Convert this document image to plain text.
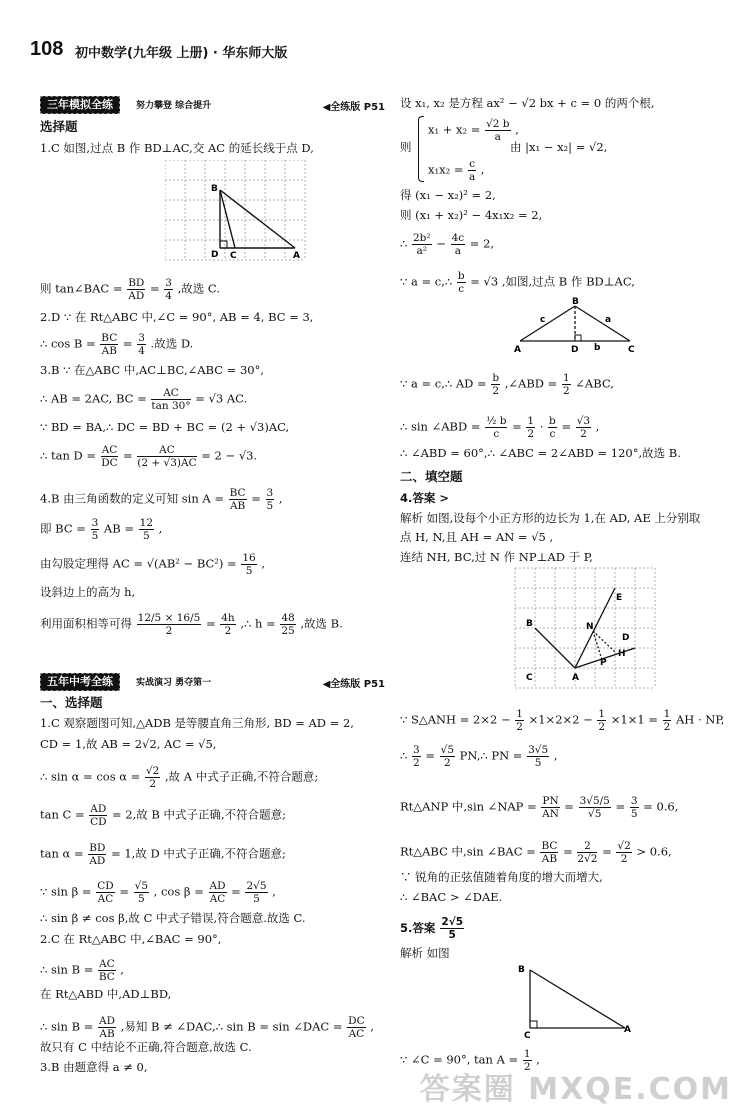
108 初中数学(九年级 上册) · 华东师大版
三年模拟全练	努力攀登 综合提升	◀全练版 P51
选择题
1.C 如图,过点 B 作 BD⊥AC,交 AC 的延长线于点 D,
B
D C	A
则 tan∠BAC = $\frac{BD}{AD} = \frac{3}{4}$ ,故选 C.
2.D ∵ 在 Rt△ABC 中,∠C = 90°, AB = 4, BC = 3,
∴ $\cos B = \frac{BC}{AB} = \frac{3}{4}$ .故选 D.
3.B ∵ 在△ABC 中,AC⊥BC,∠ABC = 30°,
∴ AB = 2AC, BC = $\frac{AC}{\tan 30^\circ} = √3$ AC.
∵ BD = BA,∴ DC = BD + BC = (2 + √3)AC,
∴ $\tan D = \frac{AC}{DC} = \frac{AC}{(2 + √3)AC} = 2 - √3$.
4.B 由三角函数的定义可知 $\sin A = \frac{BC}{AB} = \frac{3}{5}$ ,
即 BC = $\frac{3}{5}$ AB = $\frac{12}{5}$ ,
由勾股定理得 AC = $√(AB^2 - BC^2) = \frac{16}{5}$ ,
设斜边上的高为 h,
利用面积相等可得 $\frac{12/5 \times 16/5}{2} = \frac{4h}{2}$ ,∴ $h = \frac{48}{25}$ ,故选 B.
五年中考全练	实战演习 勇夺第一	◀全练版 P51
一、选择题
1.C 观察题图可知,△ADB 是等腰直角三角形, BD = AD = 2,
CD = 1,故 AB = 2√2, AC = √5,
∴ $\sin \alpha = \cos \alpha = \frac{√2}{2}$ ,故 A 中式子正确,不符合题意;
$\tan C = \frac{AD}{CD} = 2$,故 B 中式子正确,不符合题意;
$\tan \alpha = \frac{BD}{AD} = 1$,故 D 中式子正确,不符合题意;
∵ $\sin \beta = \frac{CD}{AC} = \frac{√5}{5}$ , $\cos \beta = \frac{AD}{AC} = \frac{2√5}{5}$ ,
∴ sin β ≠ cos β,故 C 中式子错误,符合题意.故选 C.
2.C 在 Rt△ABC 中,∠BAC = 90°,
∴ $\sin B = \frac{AC}{BC}$ ,
在 Rt△ABD 中,AD⊥BD,
∴ $\sin B = \frac{AD}{AB}$ ,易知 B ≠ ∠DAC,∴ sin B = sin ∠DAC = $\frac{DC}{AC}$ ,
故只有 C 中结论不正确,符合题意,故选 C.
3.B 由题意得 a ≠ 0,
设 x₁, x₂ 是方程 ax² − √2 bx + c = 0 的两个根,
$x_1 + x_2 = \frac{√2 b}{a}$ ,
则	由 |x₁ − x₂| = √2,
$x_1x_2 = \frac{c}{a}$ ,
得 (x₁ − x₂)² = 2,
则 (x₁ + x₂)² − 4x₁x₂ = 2,
∴ $\frac{\text{2b²}}{\text{a²}} - \frac{4c}{a} = 2$,
∵ a = c,∴ $\frac{b}{c} = √3$ ,如图,过点 B 作 BD⊥AC,
B
A	D	C
c	a
b
∵ a = c,∴ AD = $\frac{b}{2}$ ,∠ABD = $\frac{1}{2}$ ∠ABC,
∴ sin ∠ABD = $\frac{\text{½ b}}{c} = \frac{1}{2} \cdot \frac{b}{c} = \frac{√3}{2}$ ,
∴ ∠ABD = 60°,∴ ∠ABC = 2∠ABD = 120°,故选 B.
二、填空题
4.答案 >
解析 如图,设每个小正方形的边长为 1,在 AD, AE 上分别取
点 H, N,且 AH = AN = √5 ,
连结 NH, BC,过 N 作 NP⊥AD 于 P,
B
C	A
E
N
D
H
P
∵ S△ANH = $2\times 2 - \frac{1}{2} \times 1\times 2\times 2 - \frac{1}{2} \times 1\times 1 = \frac{1}{2}$ AH · NP,
∴ $\frac{3}{2} = \frac{√5}{2}$ PN,∴ PN = $\frac{3√5}{5}$ ,
Rt△ANP 中,sin ∠NAP = $\frac{PN}{AN} = \frac{3√5/5}{√5} = \frac{3}{5} = 0.6$,
Rt△ABC 中,sin ∠BAC = $\frac{BC}{AB} = \frac{2}{2√2} = \frac{√2}{2} > 0.6$,
∵ 锐角的正弦值随着角度的增大而增大,
∴ ∠BAC > ∠DAE.
5.答案 $\frac{2√5}{5}$
解析 如图
B
C
A
∵ ∠C = 90°, $\tan A = \frac{1}{2}$ ,
答案圈 MXQE.COM
